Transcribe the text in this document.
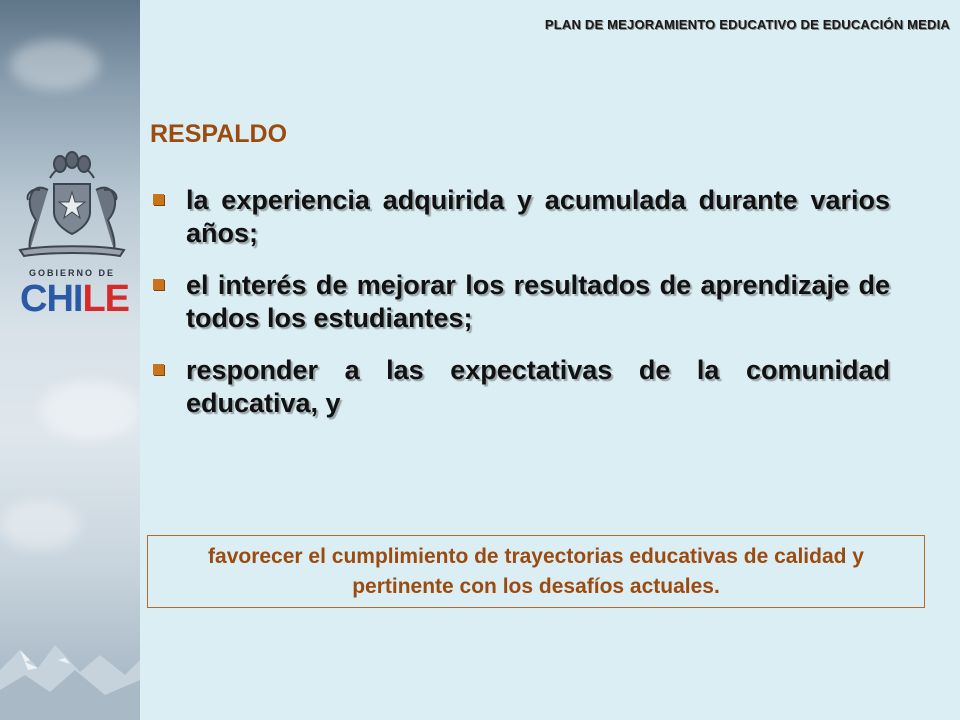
GOBIERNO DE
CHILE
PLAN DE MEJORAMIENTO EDUCATIVO DE EDUCACIÓN MEDIA
RESPALDO
la experiencia adquirida y acumulada durante varios años;
el interés de mejorar los resultados de aprendizaje de todos los estudiantes;
responder a las expectativas de la comunidad educativa, y
favorecer el cumplimiento de trayectorias educativas de calidad y pertinente con los desafíos actuales.
